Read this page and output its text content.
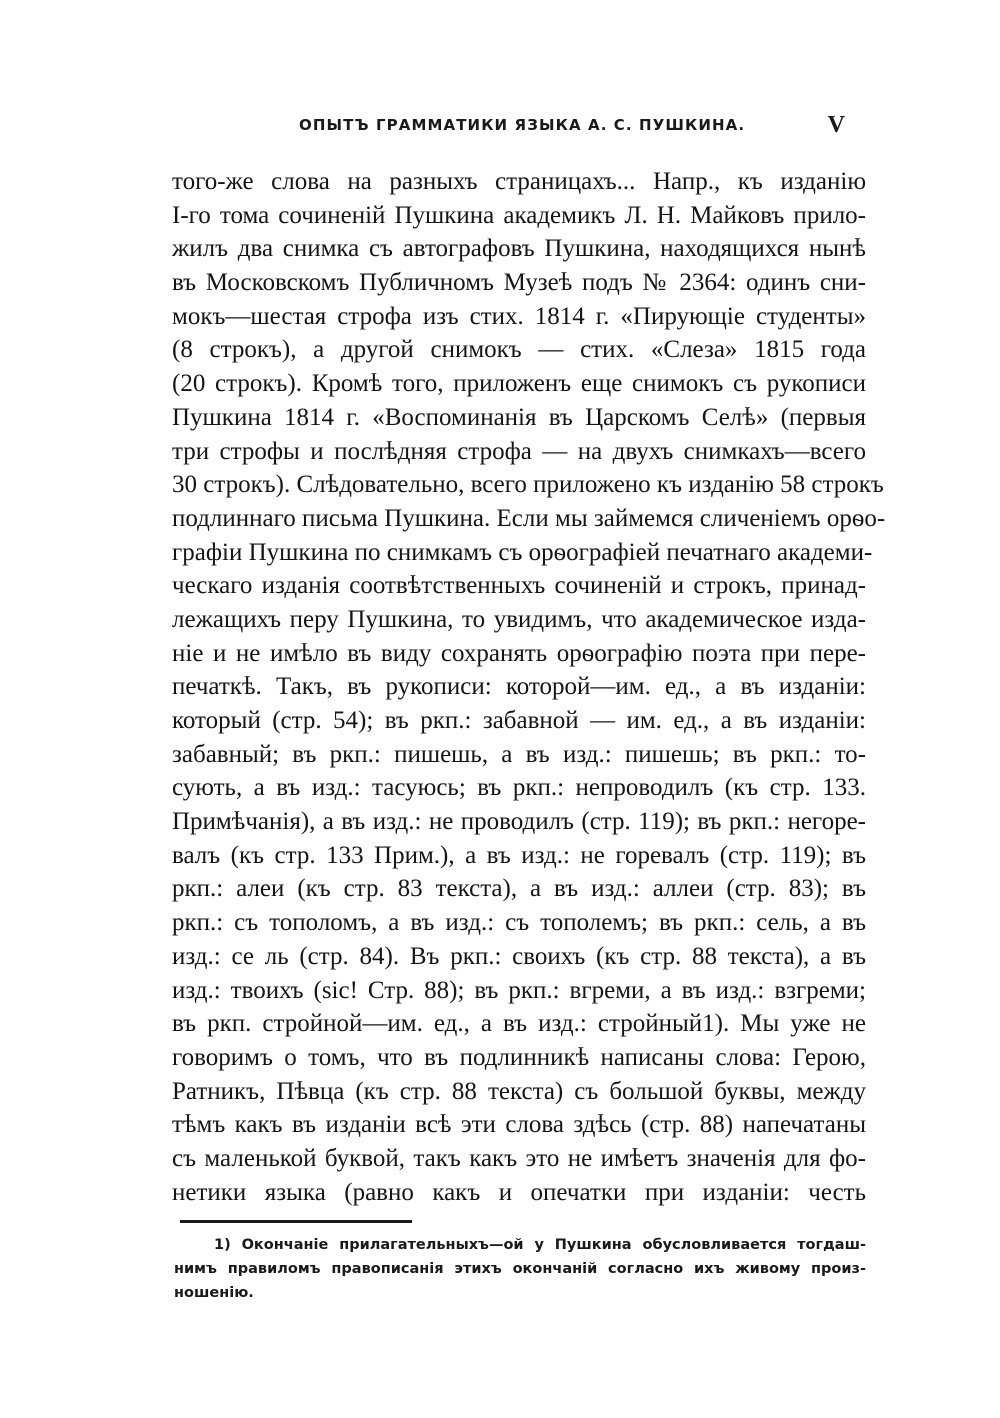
ОПЫТЪ ГРАММАТИКИ ЯЗЫКА А. С. ПУШКИНА.	V
того-же слова на разныхъ страницахъ... Напр., къ изданію
I-го тома сочиненій Пушкина академикъ Л. Н. Майковъ прило-
жилъ два снимка съ автографовъ Пушкина, находящихся нынѣ
въ Московскомъ Публичномъ Музеѣ подъ № 2364: одинъ сни-
мокъ—шестая строфа изъ стих. 1814 г. «Пирующіе студенты»
(8 строкъ), а другой снимокъ — стих. «Слеза» 1815 года
(20 строкъ). Кромѣ того, приложенъ еще снимокъ съ рукописи
Пушкина 1814 г. «Воспоминанія въ Царскомъ Селѣ» (первыя
три строфы и послѣдняя строфа — на двухъ снимкахъ—всего
30 строкъ). Слѣдовательно, всего приложено къ изданію 58 строкъ
подлиннаго письма Пушкина. Если мы займемся сличеніемъ орѳо-
графіи Пушкина по снимкамъ съ орѳографіей печатнаго академи-
ческаго изданія соотвѣтственныхъ сочиненій и строкъ, принад-
лежащихъ перу Пушкина, то увидимъ, что академическое изда-
ніе и не имѣло въ виду сохранять орѳографію поэта при пере-
печаткѣ. Такъ, въ рукописи: которой—им. ед., а въ изданіи:
который (стр. 54); въ ркп.: забавной — им. ед., а въ изданіи:
забавный; въ ркп.: пишешь, а въ изд.: пишешь; въ ркп.: то-
сують, а въ изд.: тасуюсь; въ ркп.: непроводилъ (къ стр. 133.
Примѣчанія), а въ изд.: не проводилъ (стр. 119); въ ркп.: негоре-
валъ (къ стр. 133 Прим.), а въ изд.: не горевалъ (стр. 119); въ
ркп.: алеи (къ стр. 83 текста), а въ изд.: аллеи (стр. 83); въ
ркп.: съ тополомъ, а въ изд.: съ тополемъ; въ ркп.: сель, а въ
изд.: се ль (стр. 84). Въ ркп.: своихъ (къ стр. 88 текста), а въ
изд.: твоихъ (sic! Стр. 88); въ ркп.: вгреми, а въ изд.: взгреми;
въ ркп. стройной—им. ед., а въ изд.: стройный1). Мы уже не
говоримъ о томъ, что въ подлинникѣ написаны слова: Герою,
Ратникъ, Пѣвца (къ стр. 88 текста) съ большой буквы, между
тѣмъ какъ въ изданіи всѣ эти слова здѣсь (стр. 88) напечатаны
съ маленькой буквой, такъ какъ это не имѣетъ значенія для фо-
нетики языка (равно какъ и опечатки при изданіи: честь
1) Окончаніе прилагательныхъ—ой у Пушкина обусловливается тогдаш-
нимъ правиломъ правописанія этихъ окончаній согласно ихъ живому произ-
ношенію.
